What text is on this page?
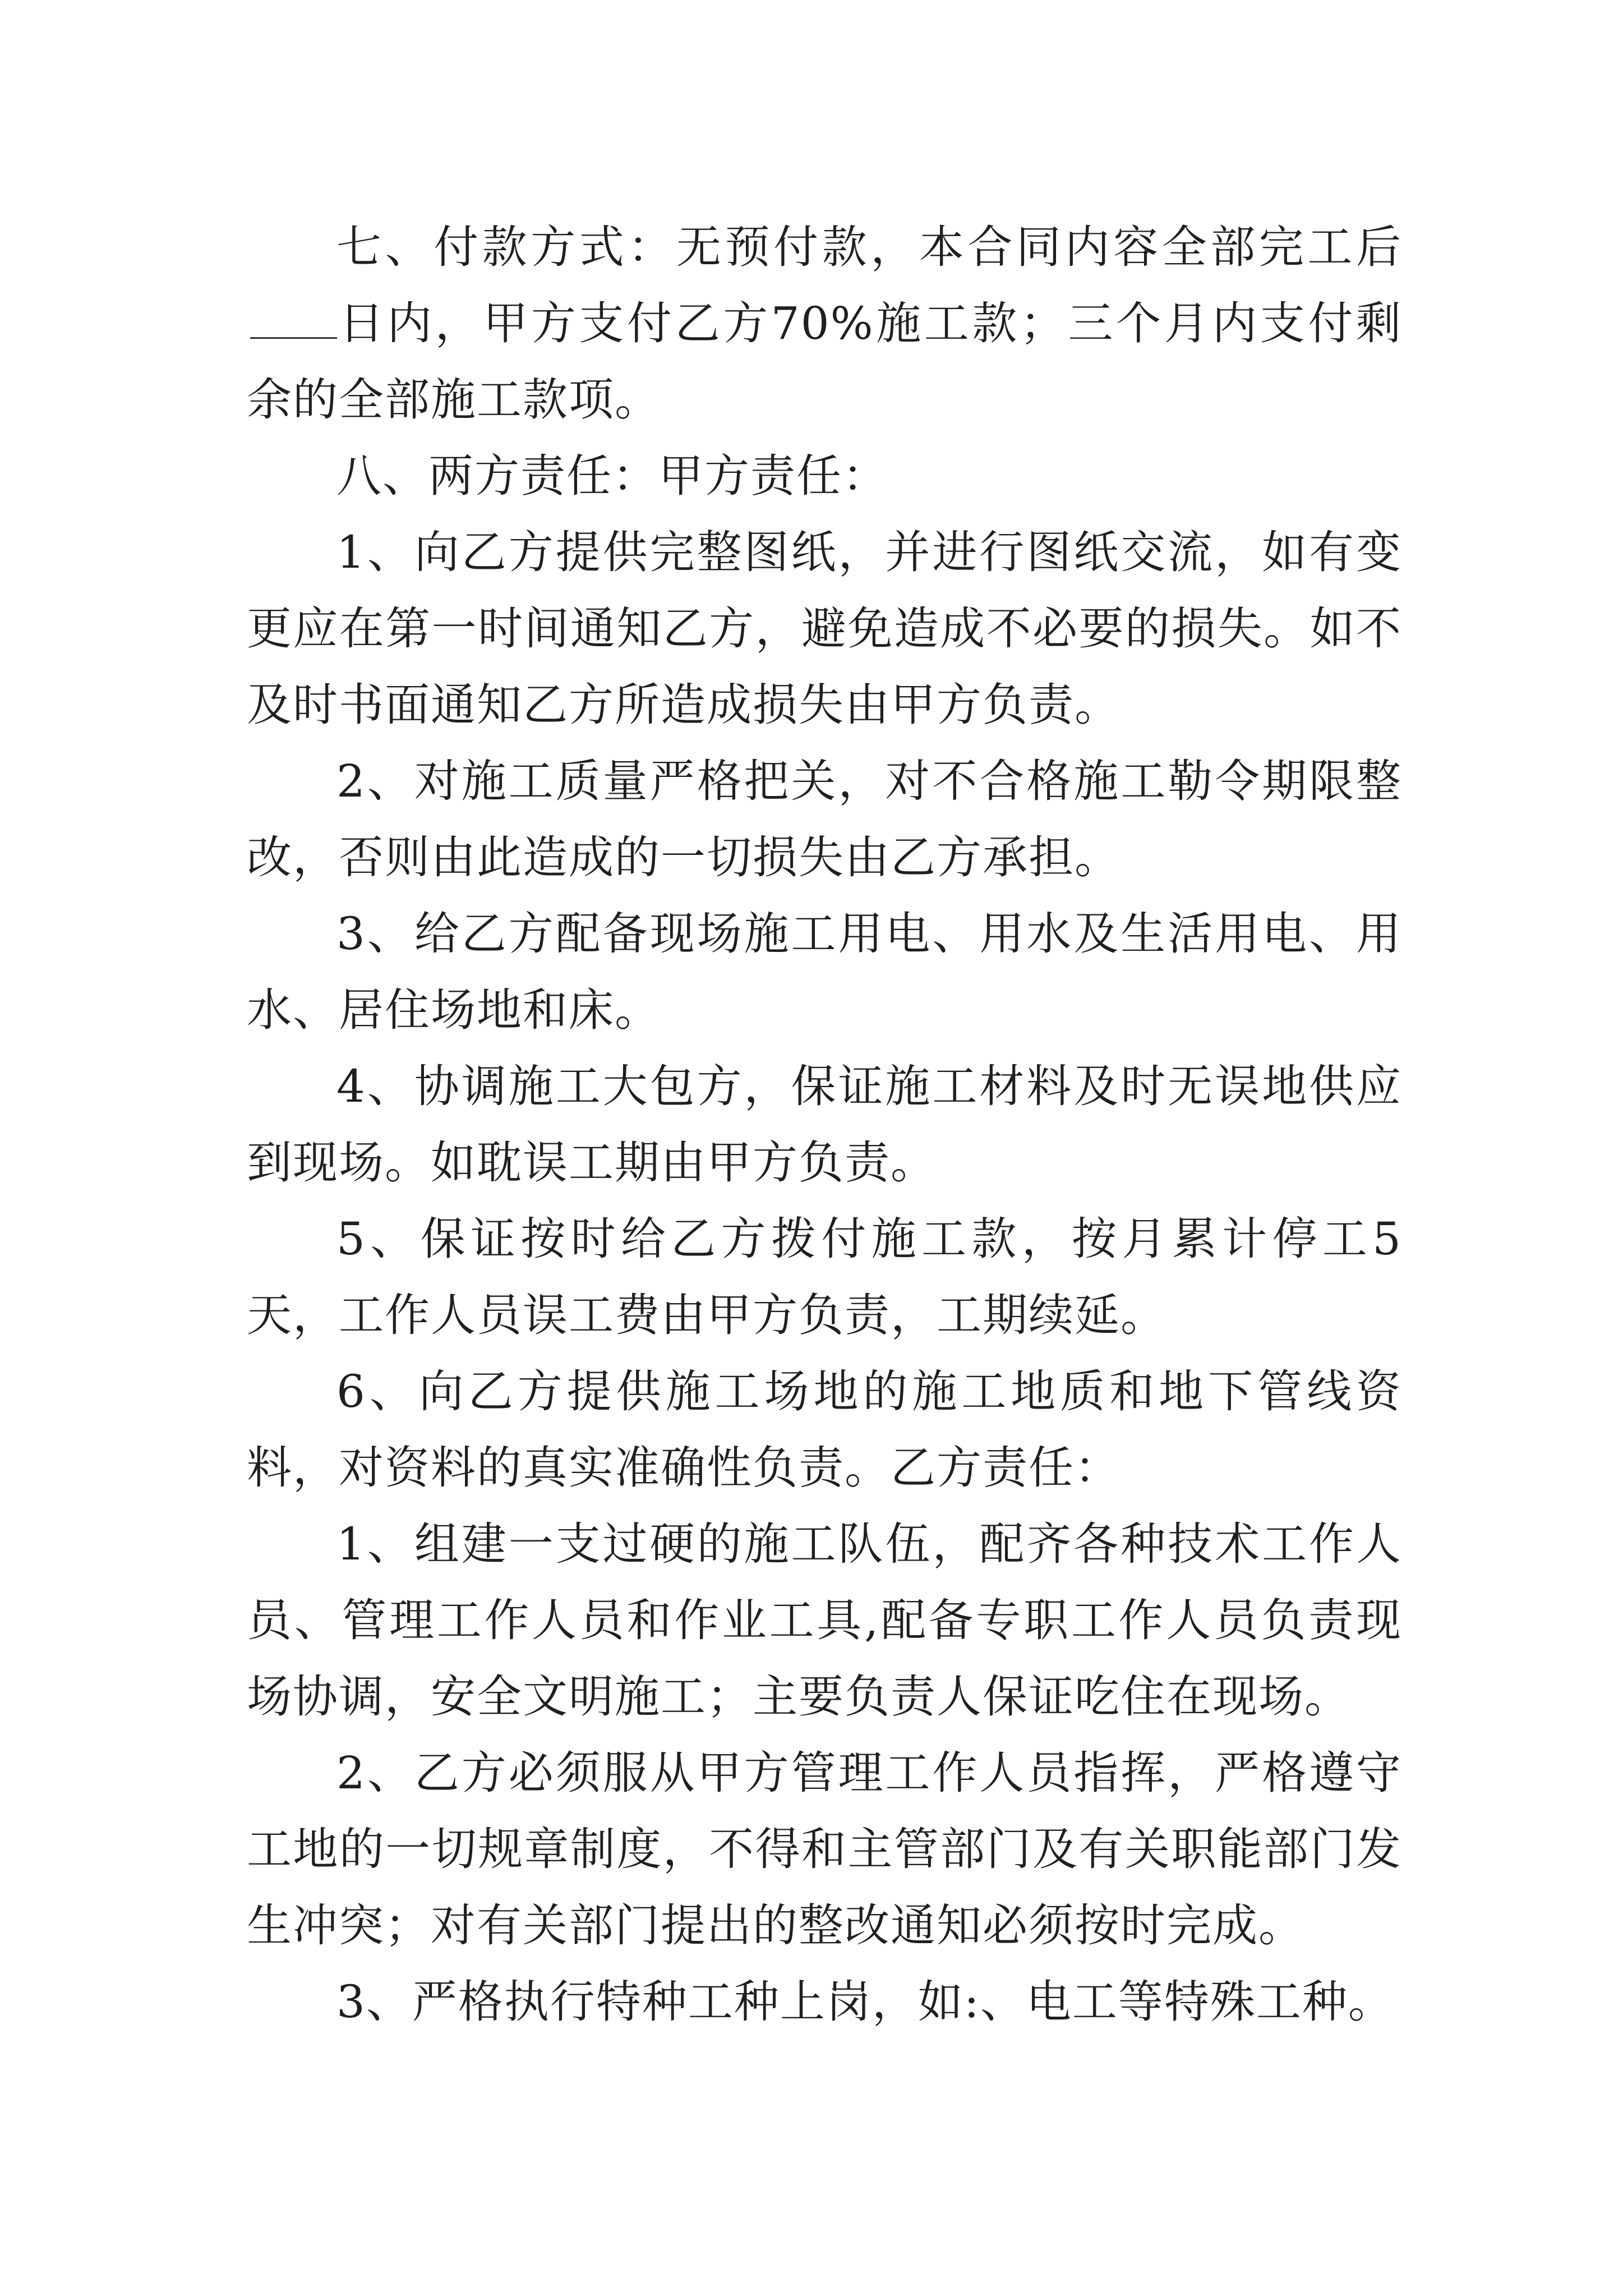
七、付款方式：无预付款，本合同内容全部完工后日内，甲方支付乙方70%施工款；三个月内支付剩余的全部施工款项。

八、两方责任：甲方责任：

1、向乙方提供完整图纸，并进行图纸交流，如有变更应在第一时间通知乙方，避免造成不必要的损失。如不及时书面通知乙方所造成损失由甲方负责。

2、对施工质量严格把关，对不合格施工勒令期限整改，否则由此造成的一切损失由乙方承担。

3、给乙方配备现场施工用电、用水及生活用电、用水、居住场地和床。

4、协调施工大包方，保证施工材料及时无误地供应到现场。如耽误工期由甲方负责。

5、保证按时给乙方拨付施工款，按月累计停工5天，工作人员误工费由甲方负责，工期续延。

6、向乙方提供施工场地的施工地质和地下管线资料，对资料的真实准确性负责。乙方责任：

1、组建一支过硬的施工队伍，配齐各种技术工作人员、管理工作人员和作业工具,配备专职工作人员负责现场协调，安全文明施工；主要负责人保证吃住在现场。

2、乙方必须服从甲方管理工作人员指挥，严格遵守工地的一切规章制度，不得和主管部门及有关职能部门发生冲突；对有关部门提出的整改通知必须按时完成。

3、严格执行特种工种上岗，如:、电工等特殊工种。
